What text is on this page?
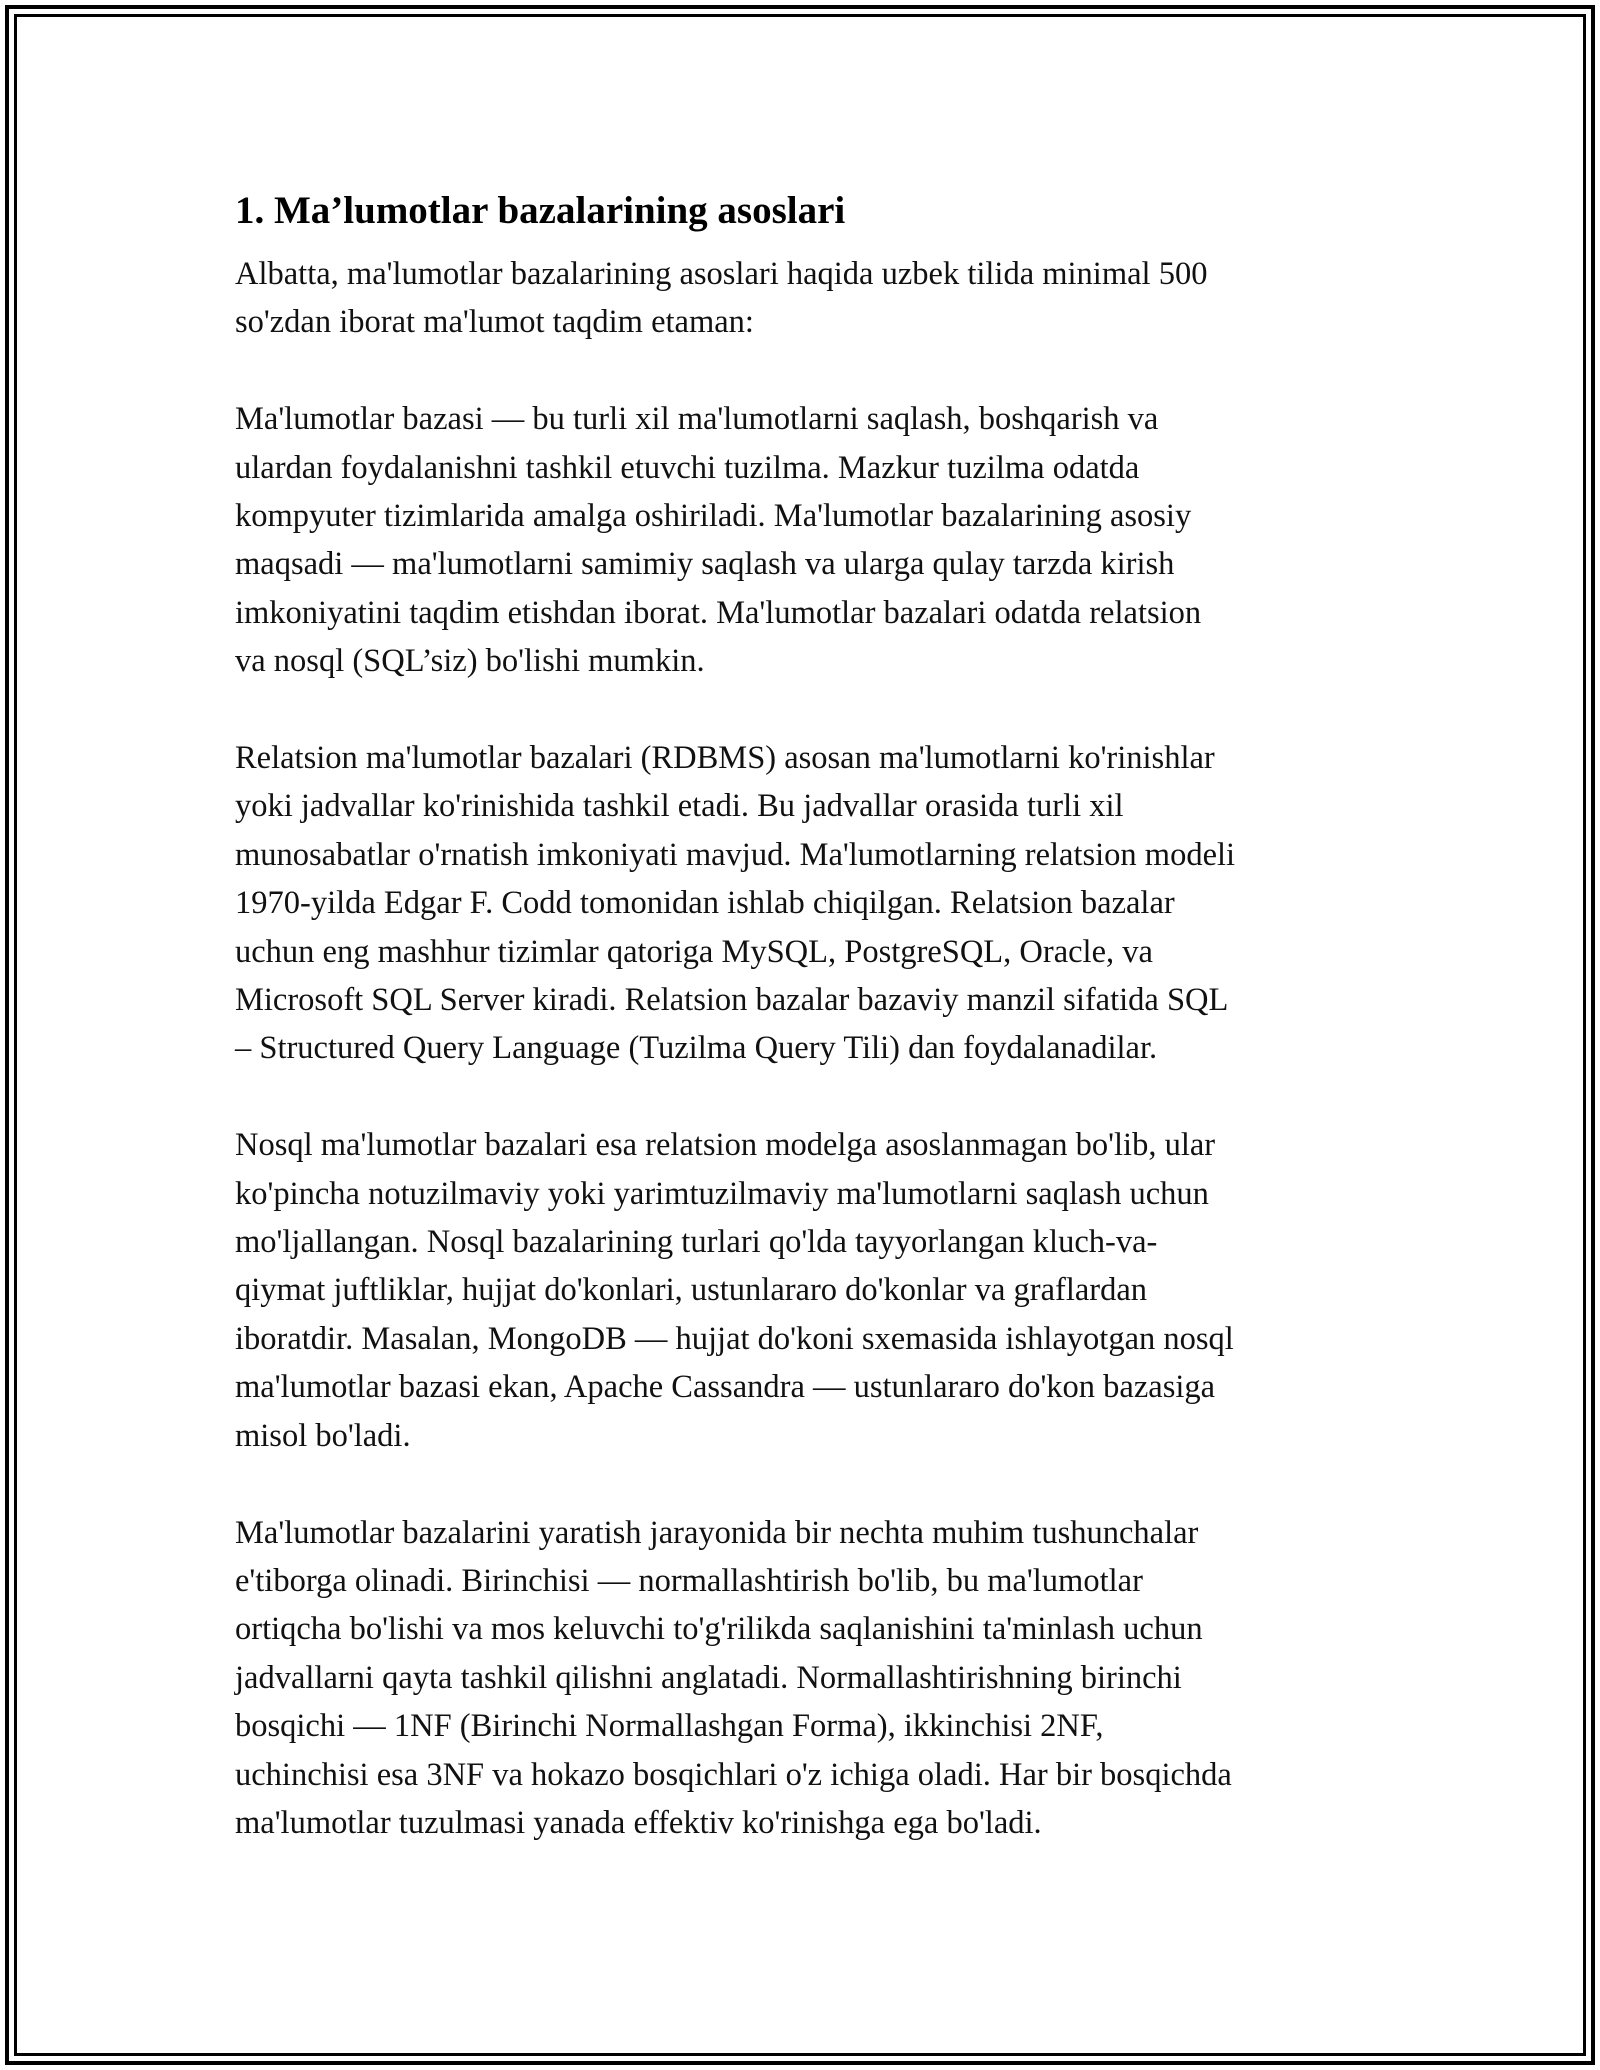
1. Ma’lumotlar bazalarining asoslari

Albatta, ma'lumotlar bazalarining asoslari haqida uzbek tilida minimal 500
so'zdan iborat ma'lumot taqdim etaman:

Ma'lumotlar bazasi — bu turli xil ma'lumotlarni saqlash, boshqarish va
ulardan foydalanishni tashkil etuvchi tuzilma. Mazkur tuzilma odatda
kompyuter tizimlarida amalga oshiriladi. Ma'lumotlar bazalarining asosiy
maqsadi — ma'lumotlarni samimiy saqlash va ularga qulay tarzda kirish
imkoniyatini taqdim etishdan iborat. Ma'lumotlar bazalari odatda relatsion
va nosql (SQL’siz) bo'lishi mumkin.

Relatsion ma'lumotlar bazalari (RDBMS) asosan ma'lumotlarni ko'rinishlar
yoki jadvallar ko'rinishida tashkil etadi. Bu jadvallar orasida turli xil
munosabatlar o'rnatish imkoniyati mavjud. Ma'lumotlarning relatsion modeli
1970-yilda Edgar F. Codd tomonidan ishlab chiqilgan. Relatsion bazalar
uchun eng mashhur tizimlar qatoriga MySQL, PostgreSQL, Oracle, va
Microsoft SQL Server kiradi. Relatsion bazalar bazaviy manzil sifatida SQL
– Structured Query Language (Tuzilma Query Tili) dan foydalanadilar.

Nosql ma'lumotlar bazalari esa relatsion modelga asoslanmagan bo'lib, ular
ko'pincha notuzilmaviy yoki yarimtuzilmaviy ma'lumotlarni saqlash uchun
mo'ljallangan. Nosql bazalarining turlari qo'lda tayyorlangan kluch-va-
qiymat juftliklar, hujjat do'konlari, ustunlararo do'konlar va graflardan
iboratdir. Masalan, MongoDB — hujjat do'koni sxemasida ishlayotgan nosql
ma'lumotlar bazasi ekan, Apache Cassandra — ustunlararo do'kon bazasiga
misol bo'ladi.

Ma'lumotlar bazalarini yaratish jarayonida bir nechta muhim tushunchalar
e'tiborga olinadi. Birinchisi — normallashtirish bo'lib, bu ma'lumotlar
ortiqcha bo'lishi va mos keluvchi to'g'rilikda saqlanishini ta'minlash uchun
jadvallarni qayta tashkil qilishni anglatadi. Normallashtirishning birinchi
bosqichi — 1NF (Birinchi Normallashgan Forma), ikkinchisi 2NF,
uchinchisi esa 3NF va hokazo bosqichlari o'z ichiga oladi. Har bir bosqichda
ma'lumotlar tuzulmasi yanada effektiv ko'rinishga ega bo'ladi.
